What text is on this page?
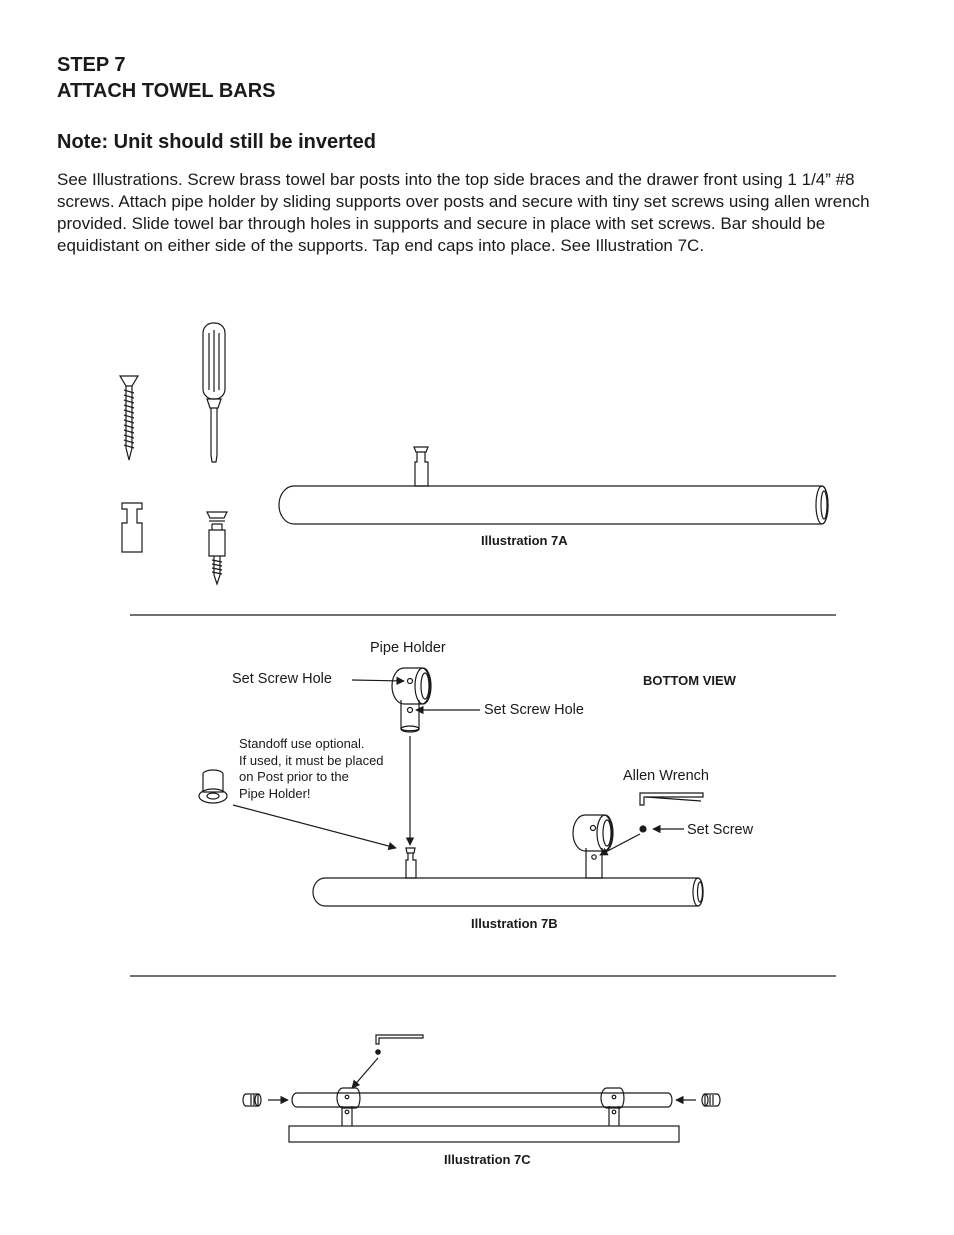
STEP 7
ATTACH TOWEL BARS
Note: Unit should still be inverted
See Illustrations. Screw brass towel bar posts into the top side braces and the drawer front using 1 1/4” #8 screws. Attach pipe holder by sliding supports over posts and secure with tiny set screws using allen wrench provided. Slide towel bar through holes in supports and secure in place with set screws. Bar should be equidistant on either side of the supports. Tap end caps into place. See Illustration 7C.
Illustration 7A
Pipe Holder
Set Screw Hole	BOTTOM VIEW
Set Screw Hole
Standoff use optional.
If used, it must be placed
on Post prior to the
Pipe Holder!
Allen Wrench
Set Screw
Illustration 7B
Illustration 7C
